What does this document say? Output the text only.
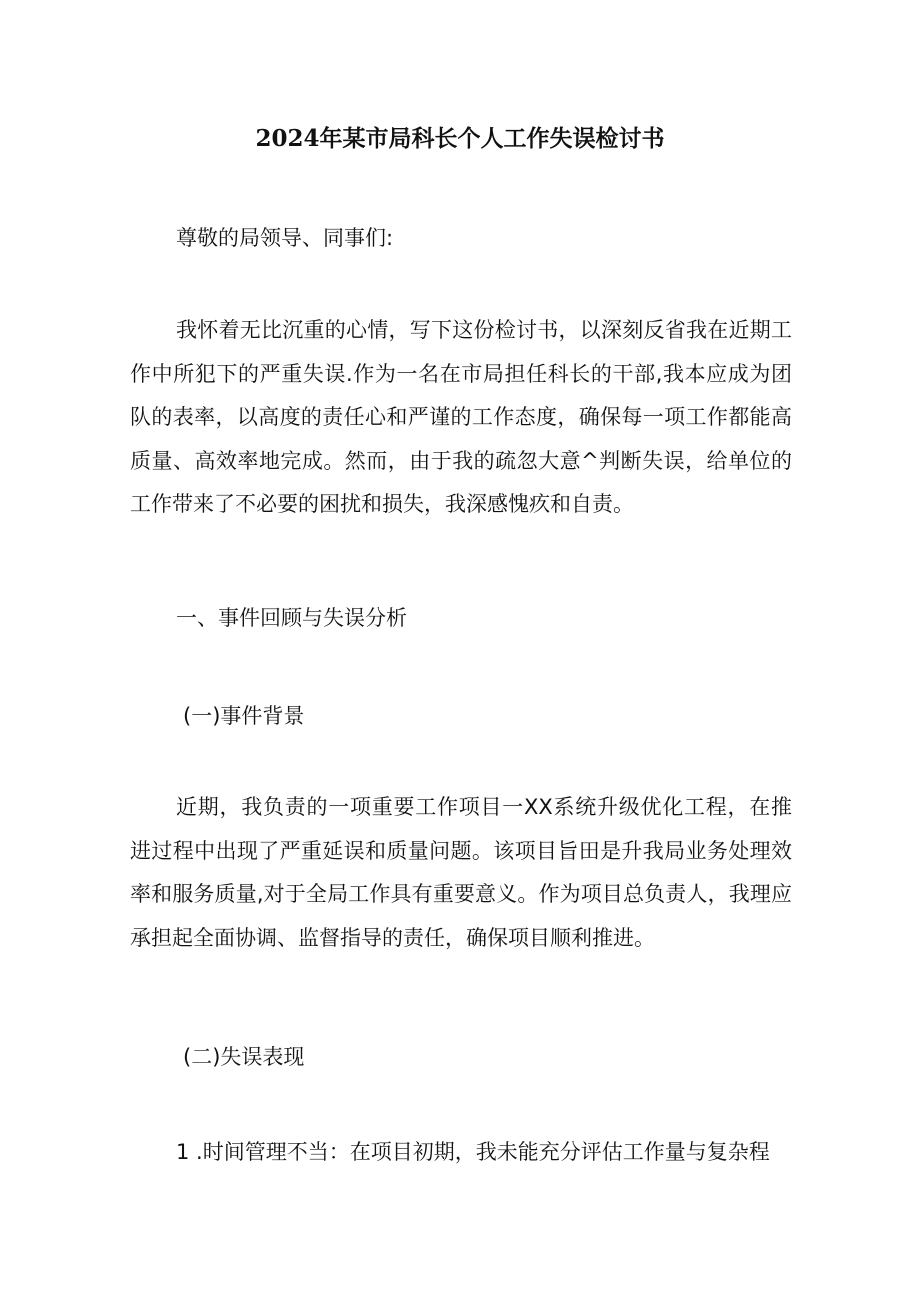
2024年某市局科长个人工作失误检讨书

尊敬的局领导、同事们:

我怀着无比沉重的心情，写下这份检讨书，以深刻反省我在近期工作中所犯下的严重失误.作为一名在市局担任科长的干部,我本应成为团队的表率，以高度的责任心和严谨的工作态度，确保每一项工作都能高质量、高效率地完成。然而，由于我的疏忽大意^判断失误，给单位的工作带来了不必要的困扰和损失，我深感愧疚和自责。

一、事件回顾与失误分析

(一)事件背景

近期，我负责的一项重要工作项目一XX系统升级优化工程，在推进过程中出现了严重延误和质量问题。该项目旨田是升我局业务处理效率和服务质量,对于全局工作具有重要意义。作为项目总负责人，我理应承担起全面协调、监督指导的责任，确保项目顺利推进。

(二)失误表现

1 .时间管理不当：在项目初期，我未能充分评估工作量与复杂程
